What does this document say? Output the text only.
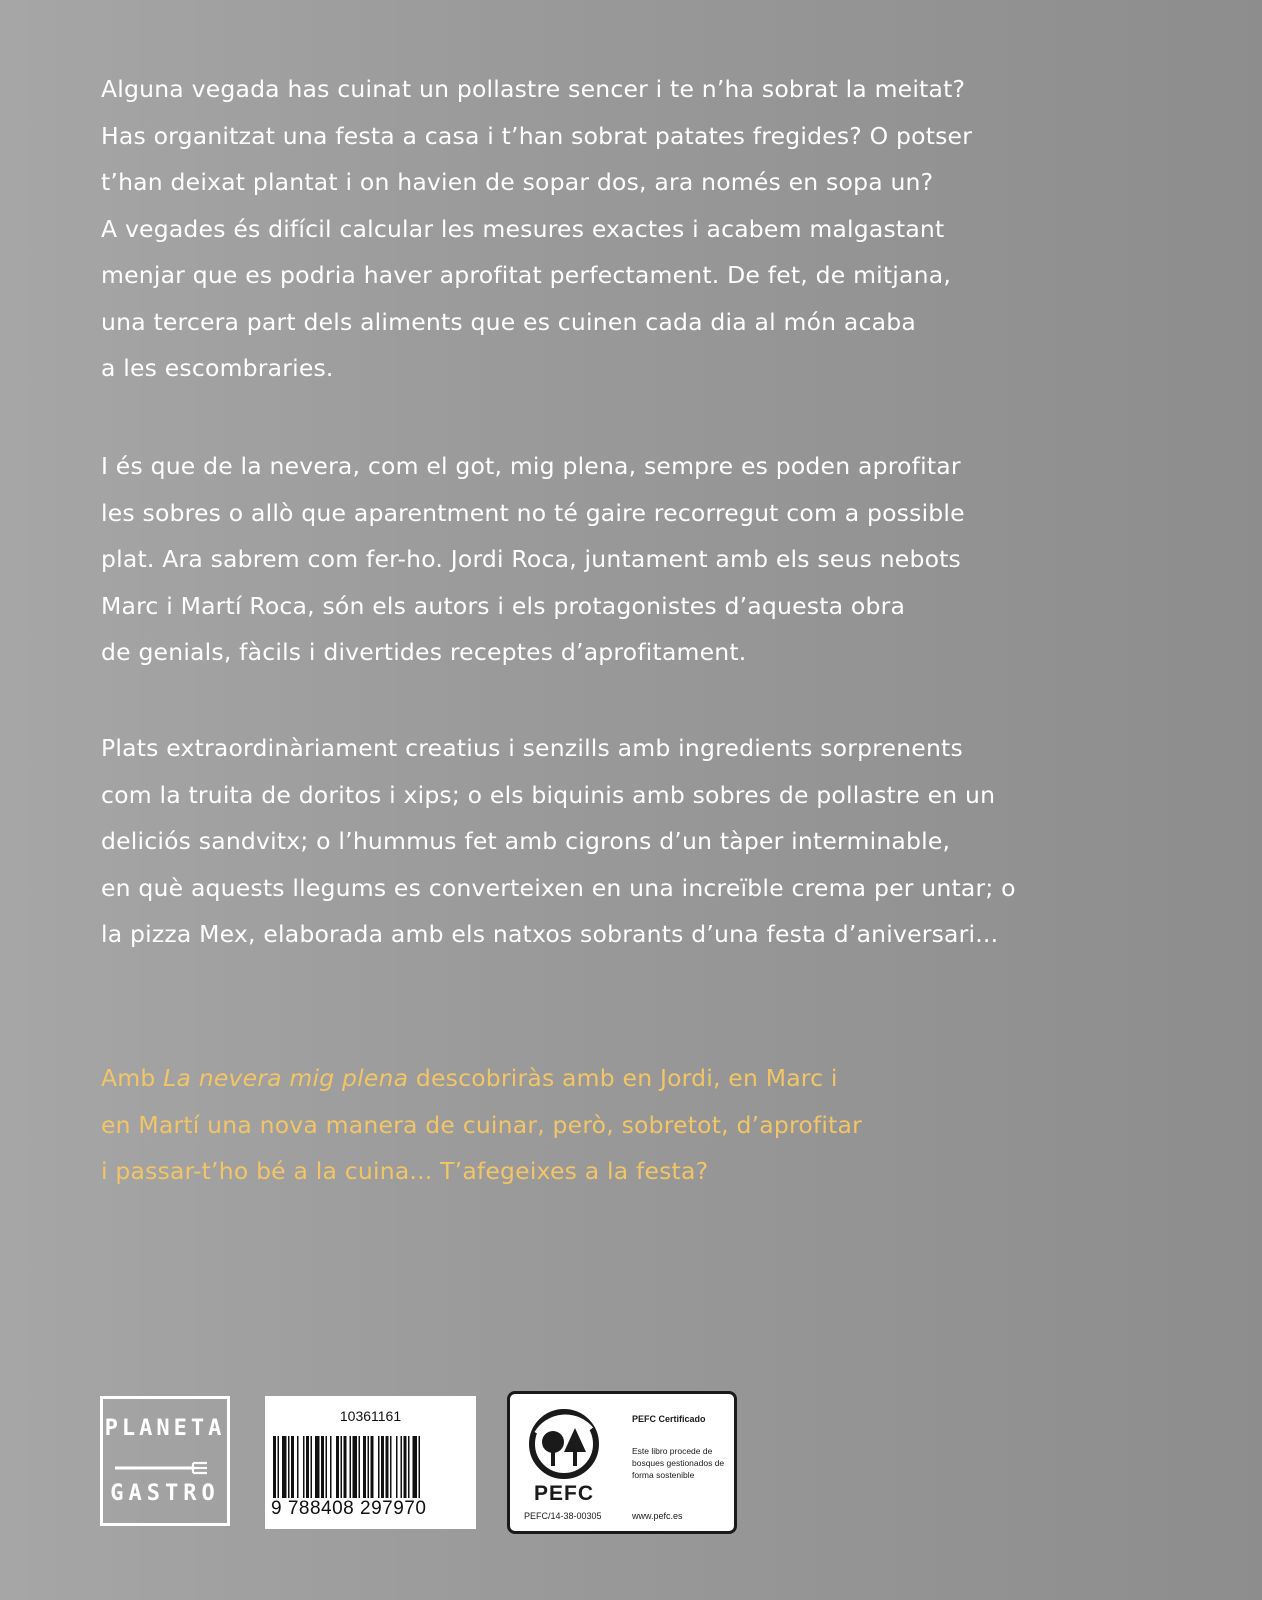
Alguna vegada has cuinat un pollastre sencer i te n’ha sobrat la meitat?
Has organitzat una festa a casa i t’han sobrat patates fregides? O potser
t’han deixat plantat i on havien de sopar dos, ara només en sopa un?
A vegades és difícil calcular les mesures exactes i acabem malgastant
menjar que es podria haver aprofitat perfectament. De fet, de mitjana,
una tercera part dels aliments que es cuinen cada dia al món acaba
a les escombraries.
I és que de la nevera, com el got, mig plena, sempre es poden aprofitar
les sobres o allò que aparentment no té gaire recorregut com a possible
plat. Ara sabrem com fer-ho. Jordi Roca, juntament amb els seus nebots
Marc i Martí Roca, són els autors i els protagonistes d’aquesta obra
de genials, fàcils i divertides receptes d’aprofitament.
Plats extraordinàriament creatius i senzills amb ingredients sorprenents
com la truita de doritos i xips; o els biquinis amb sobres de pollastre en un
deliciós sandvitx; o l’hummus fet amb cigrons d’un tàper interminable,
en què aquests llegums es converteixen en una increïble crema per untar; o
la pizza Mex, elaborada amb els natxos sobrants d’una festa d’aniversari...
Amb La nevera mig plena descobriràs amb en Jordi, en Marc i
en Martí una nova manera de cuinar, però, sobretot, d’aprofitar
i passar-t’ho bé a la cuina... T’afegeixes a la festa?
PLANETA
GASTRO
10361161
9 788408 297970
PEFC
PEFC/14-38-00305
PEFC Certificado
Este libro procede de bosques gestionados de forma sostenible
www.pefc.es
